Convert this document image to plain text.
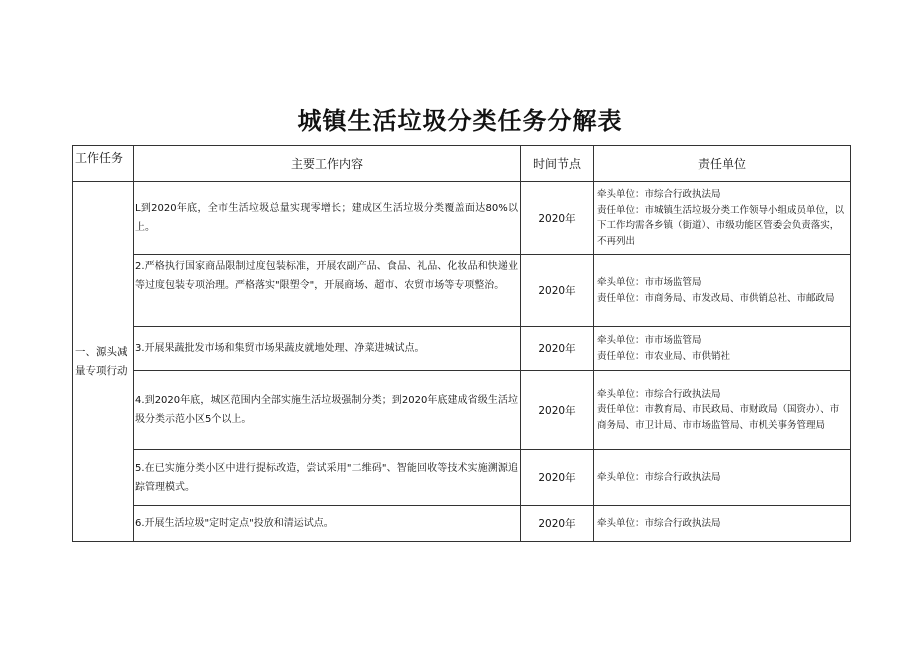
城镇生活垃圾分类任务分解表
工作任务	主要工作内容	时间节点	责任单位
一、源头减量专项行动	L到2020年底，全市生活垃圾总量实现零增长；建成区生活垃圾分类覆盖面达80%以上。	2020年	牵头单位：市综合行政执法局
责任单位：市城镇生活垃圾分类工作领导小组成员单位，以下工作均需各乡镇（街道）、市级功能区管委会负责落实，不再列出

	2.严格执行国家商品限制过度包装标准，开展农副产品、食品、礼品、化妆品和快递业等过度包装专项治理。严格落实"限塑令"，开展商场、超市、农贸市场等专项整治。	2020年	牵头单位：市市场监管局
责任单位：市商务局、市发改局、市供销总社、市邮政局

	3.开展果蔬批发市场和集贸市场果蔬皮就地处理、净菜进城试点。	2020年	牵头单位：市市场监管局
责任单位：市农业局、市供销社

	4.到2020年底，城区范围内全部实施生活垃圾强制分类；到2020年底建成省级生活垃圾分类示范小区5个以上。	2020年	牵头单位：市综合行政执法局
责任单位：市教育局、市民政局、市财政局（国资办）、市商务局、市卫计局、市市场监管局、市机关事务管理局

	5.在已实施分类小区中进行提标改造，尝试采用"二维码"、智能回收等技术实施溯源追踪管理模式。	2020年	牵头单位：市综合行政执法局

	6.开展生活垃圾"定时定点"投放和清运试点。	2020年	牵头单位：市综合行政执法局
